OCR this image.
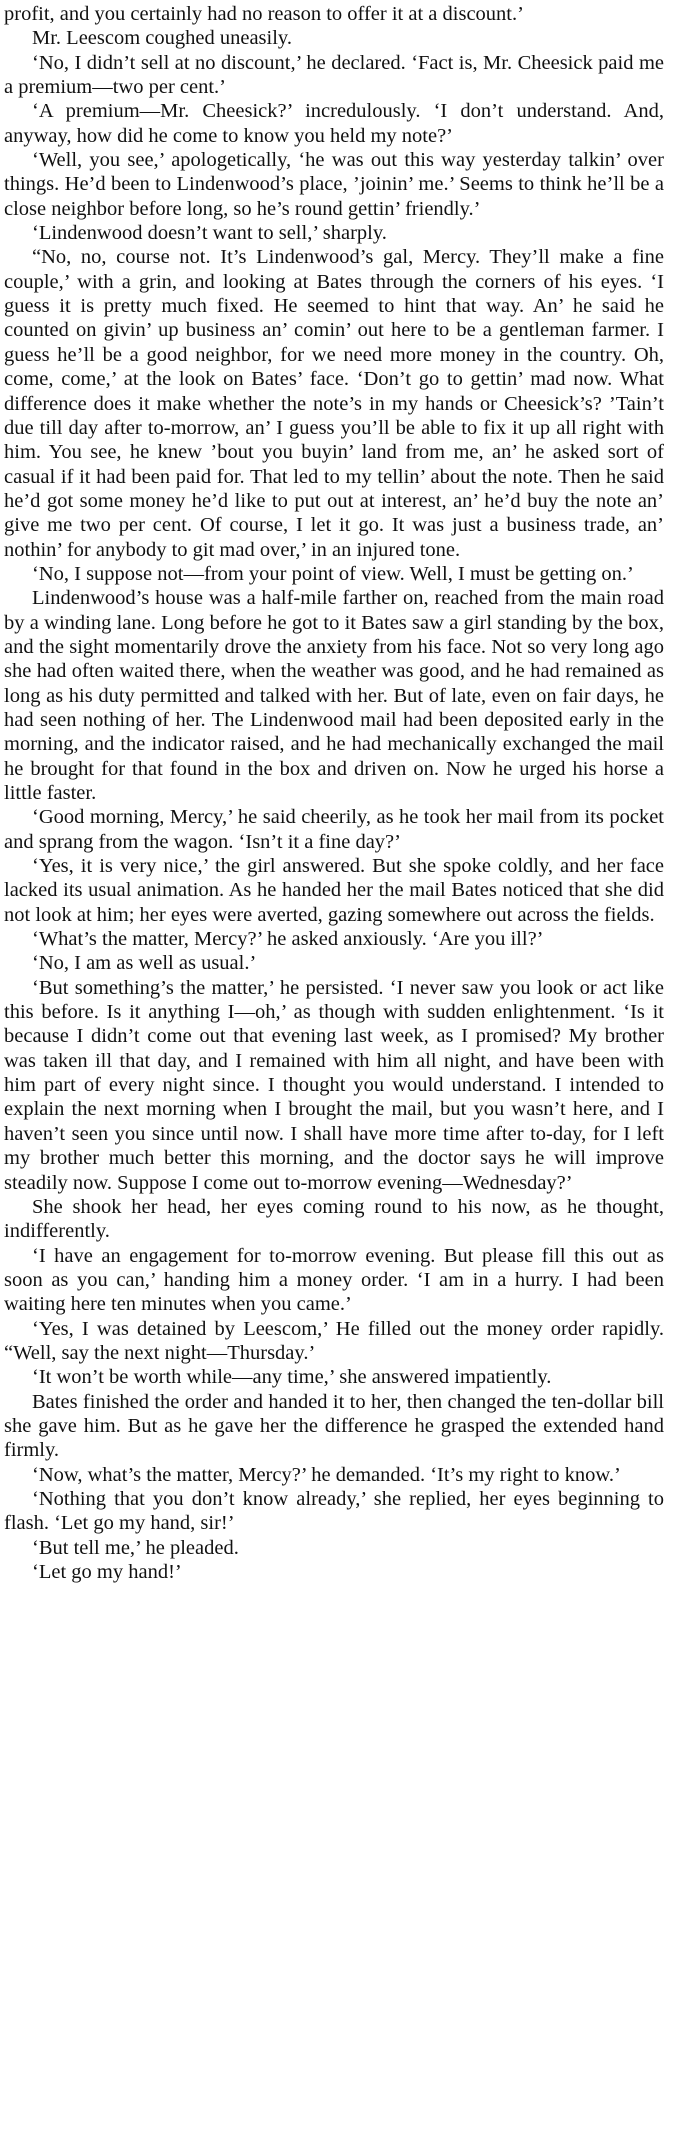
profit, and you certainly had no reason to offer it at a discount.’

Mr. Leescom coughed uneasily.

‘No, I didn’t sell at no discount,’ he declared. ‘Fact is, Mr. Cheesick paid me a premium—two per cent.’

‘A premium—Mr. Cheesick?’ incredulously. ‘I don’t understand. And, anyway, how did he come to know you held my note?’

‘Well, you see,’ apologetically, ‘he was out this way yesterday talkin’ over things. He’d been to Lindenwood’s place, ’joinin’ me.’ Seems to think he’ll be a close neighbor before long, so he’s round gettin’ friendly.’

‘Lindenwood doesn’t want to sell,’ sharply.

“No, no, course not. It’s Lindenwood’s gal, Mercy. They’ll make a fine couple,’ with a grin, and looking at Bates through the corners of his eyes. ‘I guess it is pretty much fixed. He seemed to hint that way. An’ he said he counted on givin’ up business an’ comin’ out here to be a gentleman farmer. I guess he’ll be a good neighbor, for we need more money in the country. Oh, come, come,’ at the look on Bates’ face. ‘Don’t go to gettin’ mad now. What difference does it make whether the note’s in my hands or Cheesick’s? ’Tain’t due till day after to-morrow, an’ I guess you’ll be able to fix it up all right with him. You see, he knew ’bout you buyin’ land from me, an’ he asked sort of casual if it had been paid for. That led to my tellin’ about the note. Then he said he’d got some money he’d like to put out at interest, an’ he’d buy the note an’ give me two per cent. Of course, I let it go. It was just a business trade, an’ nothin’ for anybody to git mad over,’ in an injured tone.

‘No, I suppose not—from your point of view. Well, I must be getting on.’

Lindenwood’s house was a half-mile farther on, reached from the main road by a winding lane. Long before he got to it Bates saw a girl standing by the box, and the sight momentarily drove the anxiety from his face. Not so very long ago she had often waited there, when the weather was good, and he had remained as long as his duty permitted and talked with her. But of late, even on fair days, he had seen nothing of her. The Lindenwood mail had been deposited early in the morning, and the indicator raised, and he had mechanically exchanged the mail he brought for that found in the box and driven on. Now he urged his horse a little faster.

‘Good morning, Mercy,’ he said cheerily, as he took her mail from its pocket and sprang from the wagon. ‘Isn’t it a fine day?’

‘Yes, it is very nice,’ the girl answered. But she spoke coldly, and her face lacked its usual animation. As he handed her the mail Bates noticed that she did not look at him; her eyes were averted, gazing somewhere out across the fields.

‘What’s the matter, Mercy?’ he asked anxiously. ‘Are you ill?’

‘No, I am as well as usual.’

‘But something’s the matter,’ he persisted. ‘I never saw you look or act like this before. Is it anything I—oh,’ as though with sudden enlightenment. ‘Is it because I didn’t come out that evening last week, as I promised? My brother was taken ill that day, and I remained with him all night, and have been with him part of every night since. I thought you would understand. I intended to explain the next morning when I brought the mail, but you wasn’t here, and I haven’t seen you since until now. I shall have more time after to-day, for I left my brother much better this morning, and the doctor says he will improve steadily now. Suppose I come out to-morrow evening—Wednesday?’

She shook her head, her eyes coming round to his now, as he thought, indifferently.

‘I have an engagement for to-morrow evening. But please fill this out as soon as you can,’ handing him a money order. ‘I am in a hurry. I had been waiting here ten minutes when you came.’

‘Yes, I was detained by Leescom,’ He filled out the money order rapidly. “Well, say the next night—Thursday.’

‘It won’t be worth while—any time,’ she answered impatiently.

Bates finished the order and handed it to her, then changed the ten-dollar bill she gave him. But as he gave her the difference he grasped the extended hand firmly.

‘Now, what’s the matter, Mercy?’ he demanded. ‘It’s my right to know.’

‘Nothing that you don’t know already,’ she replied, her eyes beginning to flash. ‘Let go my hand, sir!’

‘But tell me,’ he pleaded.

‘Let go my hand!’
